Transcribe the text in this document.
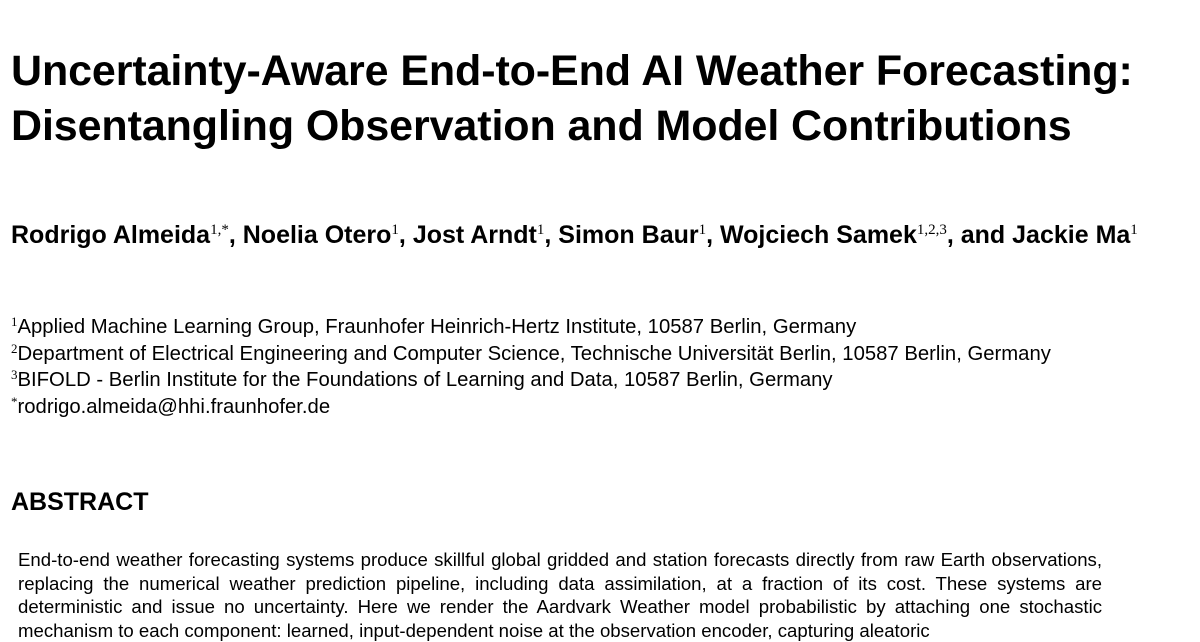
Uncertainty-Aware End-to-End AI Weather Forecasting: Disentangling Observation and Model Contributions

Rodrigo Almeida$^{1,*}$, Noelia Otero$^1$, Jost Arndt$^1$, Simon Baur$^1$, Wojciech Samek$^{1,2,3}$, and Jackie Ma$^1$

$^1$Applied Machine Learning Group, Fraunhofer Heinrich-Hertz Institute, 10587 Berlin, Germany
$^2$Department of Electrical Engineering and Computer Science, Technische Universität Berlin, 10587 Berlin, Germany
$^3$BIFOLD - Berlin Institute for the Foundations of Learning and Data, 10587 Berlin, Germany
*rodrigo.almeida@hhi.fraunhofer.de
ABSTRACT

End-to-end weather forecasting systems produce skillful global gridded and station forecasts directly from raw Earth observations, replacing the numerical weather prediction pipeline, including data assimilation, at a fraction of its cost. These systems are deterministic and issue no uncertainty. Here we render the Aardvark Weather model probabilistic by attaching one stochastic mechanism to each component: learned, input-dependent noise at the observation encoder, capturing aleatoric
